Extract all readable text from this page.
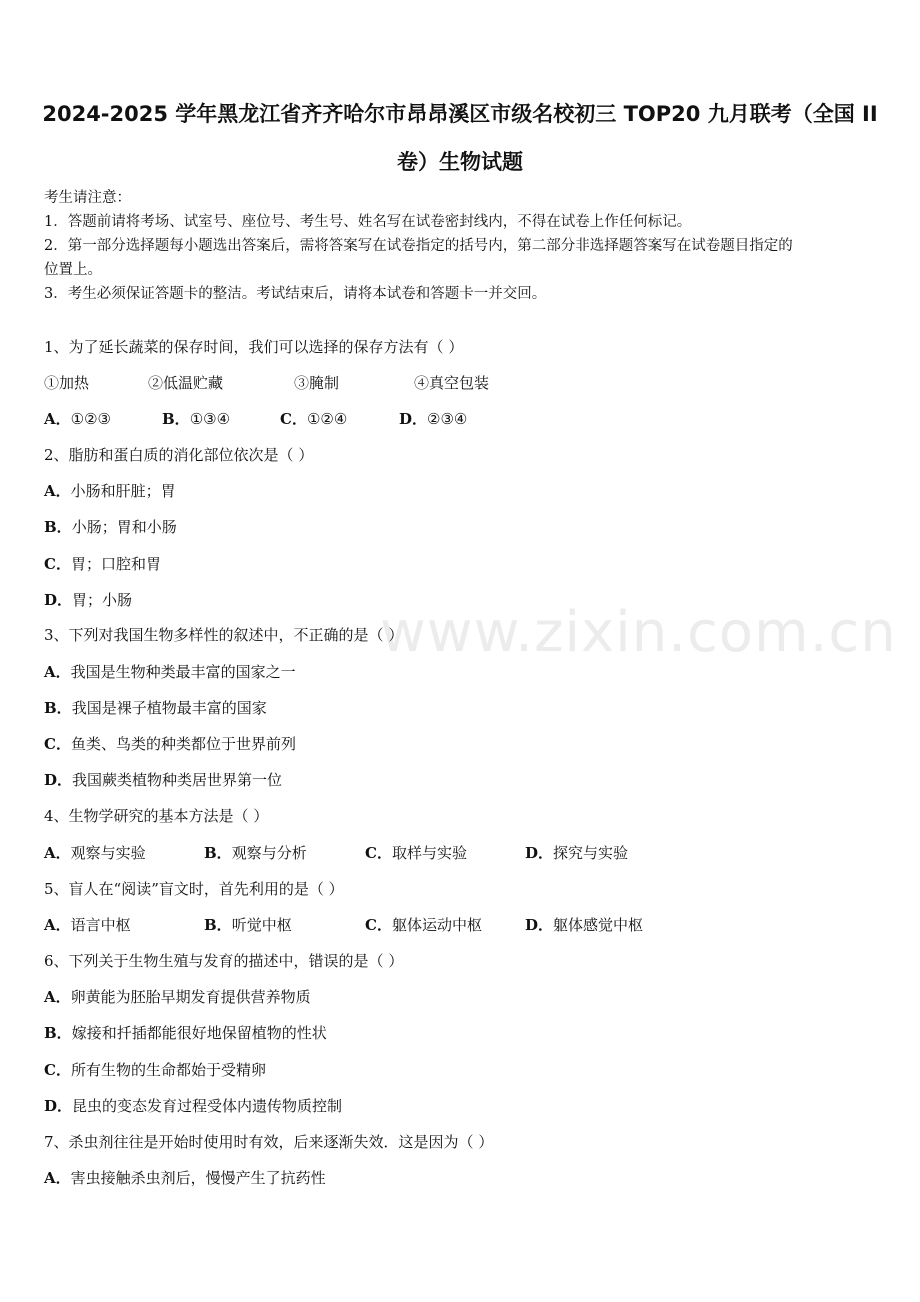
www.zixin.com.cn
2024-2025 学年黑龙江省齐齐哈尔市昂昂溪区市级名校初三 TOP20 九月联考（全国 II
卷）生物试题
考生请注意：
1．答题前请将考场、试室号、座位号、考生号、姓名写在试卷密封线内，不得在试卷上作任何标记。
2．第一部分选择题每小题选出答案后，需将答案写在试卷指定的括号内，第二部分非选择题答案写在试卷题目指定的
位置上。
3．考生必须保证答题卡的整洁。考试结束后，请将本试卷和答题卡一并交回。
1、为了延长蔬菜的保存时间，我们可以选择的保存方法有（ ）
①加热	②低温贮藏	③腌制	④真空包装
A．①②③	B．①③④	C．①②④	D．②③④
2、脂肪和蛋白质的消化部位依次是（ ）
A．小肠和肝脏；胃
B．小肠；胃和小肠
C．胃；口腔和胃
D．胃；小肠
3、下列对我国生物多样性的叙述中，不正确的是（ ）
A．我国是生物种类最丰富的国家之一
B．我国是裸子植物最丰富的国家
C．鱼类、鸟类的种类都位于世界前列
D．我国蕨类植物种类居世界第一位
4、生物学研究的基本方法是（ ）
A．观察与实验	B．观察与分析	C．取样与实验	D．探究与实验
5、盲人在“阅读”盲文时，首先利用的是（ ）
A．语言中枢	B．听觉中枢	C．躯体运动中枢	D．躯体感觉中枢
6、下列关于生物生殖与发育的描述中，错误的是（ ）
A．卵黄能为胚胎早期发育提供营养物质
B．嫁接和扦插都能很好地保留植物的性状
C．所有生物的生命都始于受精卵
D．昆虫的变态发育过程受体内遗传物质控制
7、杀虫剂往往是开始时使用时有效，后来逐渐失效．这是因为（ ）
A．害虫接触杀虫剂后，慢慢产生了抗药性
